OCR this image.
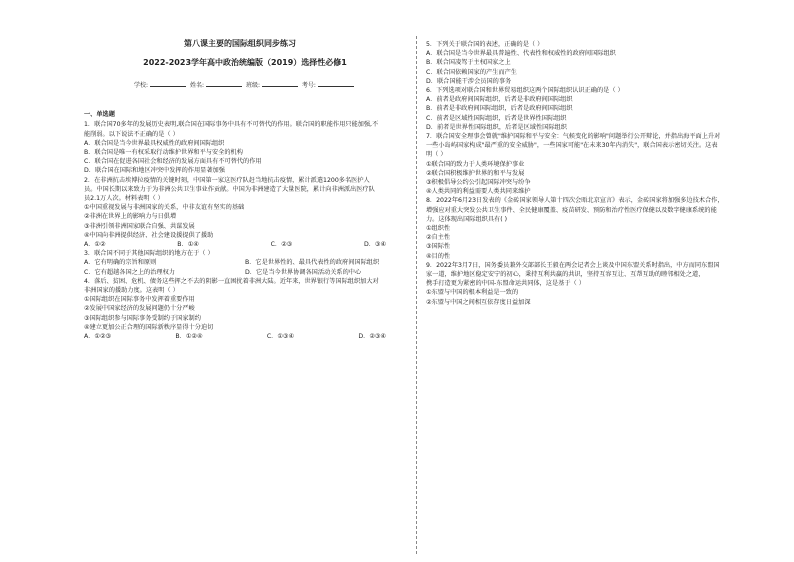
第八课主要的国际组织同步练习
2022-2023学年高中政治统编版（2019）选择性必修1
学校:	姓名:	班级:	考号:
一、单选题

1．联合国70多年的发展历史表明,联合国在国际事务中具有不可替代的作用。联合国的职能作用只能加强,不

能削弱。以下说法不正确的是（ ）

A．联合国是当今世界最具权威性的政府间国际组织

B．联合国是唯一有权采取行动维护世界和平与安全的机构

C．联合国在促进各国社会和经济的发展方面具有不可替代的作用

D．联合国在国际和地区冲突中发挥的作用显著加强

2．在非洲抗击埃博拉疫情的关键时刻，中国第一家这医疗队赶当地抗击疫情，累计派遣1200多名医护人

员。中国长期以来致力于为非洲公共卫生事业作贡献。中国为非洲建造了大量医院，累计向非洲派出医疗队

员2.1万人次。材料表明（ ）

①中国重视发展与非洲国家的关系，中非友谊有坚实的基础

②非洲在世界上的影响力与日俱增

③非洲引领非洲国家联合自强、共谋发展

④中国向非洲提供经济、社会建设援提供了援助

A．①②	B．①④	C．②③	D．③④

3．联合国不同于其他国际组织的地方在于（ ）

A．它有明确的宗旨和原则	B．它是世界性的、最具代表性的政府间国际组织
C．它有超越各国之上的治理权力	D．它是当今世界协调各国活动关系的中心

4．落后、贫困、危机、债务这些挥之不去的阴影一直困扰着非洲大陆。近年来，世界银行等国际组织加大对

非洲国家的援助力度。这表明（ ）

①国际组织在国际事务中发挥着重要作用

②发展中国家经济的发展问题仍十分严峻

③国际组织参与国际事务受制约于国家制约

④建立更加公正合理的国际新秩序显得十分迫切

A．①②③	B．①②④	C．①③④	D．②③④

5．下列关于联合国的表述，正确的是（ ）

A．联合国是当今世界最具普遍性、代表性和权威性的政府间国际组织

B．联合国凌驾于主权国家之上

C．联合国依赖国家的产生而产生

D．联合国能干涉会员国的事务

6．下列选项对联合国和世界贸易组织这两个国际组织认识正确的是（ ）

A．前者是政府间国际组织，后者是非政府间国际组织

B．前者是非政府间国际组织，后者是政府间国际组织

C．前者是区域性国际组织，后者是世界性国际组织

D．前者是世界性国际组织，后者是区域性国际组织

7．联合国安全理事会曾就"维护国际和平与安全：气候变化的影响"问题举行公开辩论，并指出海平面上升对

一些小岛屿国家构成"最严重的安全威胁"，一些国家可能"在未来30年内消失"，联合国表示密切关注。这表

明（ ）

①联合国的致力于人类环境保护事业

②联合国积极维护世界的和平与发展

③积极倡导公约公引起国际冲突与纷争

④人类共同的利益需要人类共同来维护

8．2022年6月23日发表的《金砖国家领导人第十四次会晤北京宣言》表示，金砖国家将加强多边技术合作，

增强应对重大突发公共卫生事件、全民健康覆盖、疫苗研发、预防和治疗性医疗保健以及数字健康系统的能

力。这体现出国际组织具有( )

①组织性

②自主性

③国际性

④目的性

9．2022年3月7日，国务委员兼外交部部长王毅在两会记者会上谈及中国东盟关系时指出，中方而同东盟国

家一道，维护地区稳定安宁的初心，秉持互利共赢的共识，坚持互容互让、互帮互助的睦邻相处之道，

携手打造更为紧密的中国-东盟命运共同体，这是基于（ ）

①东盟与中国的根本利益是一致的

②东盟与中国之间相互依存度日益加深
